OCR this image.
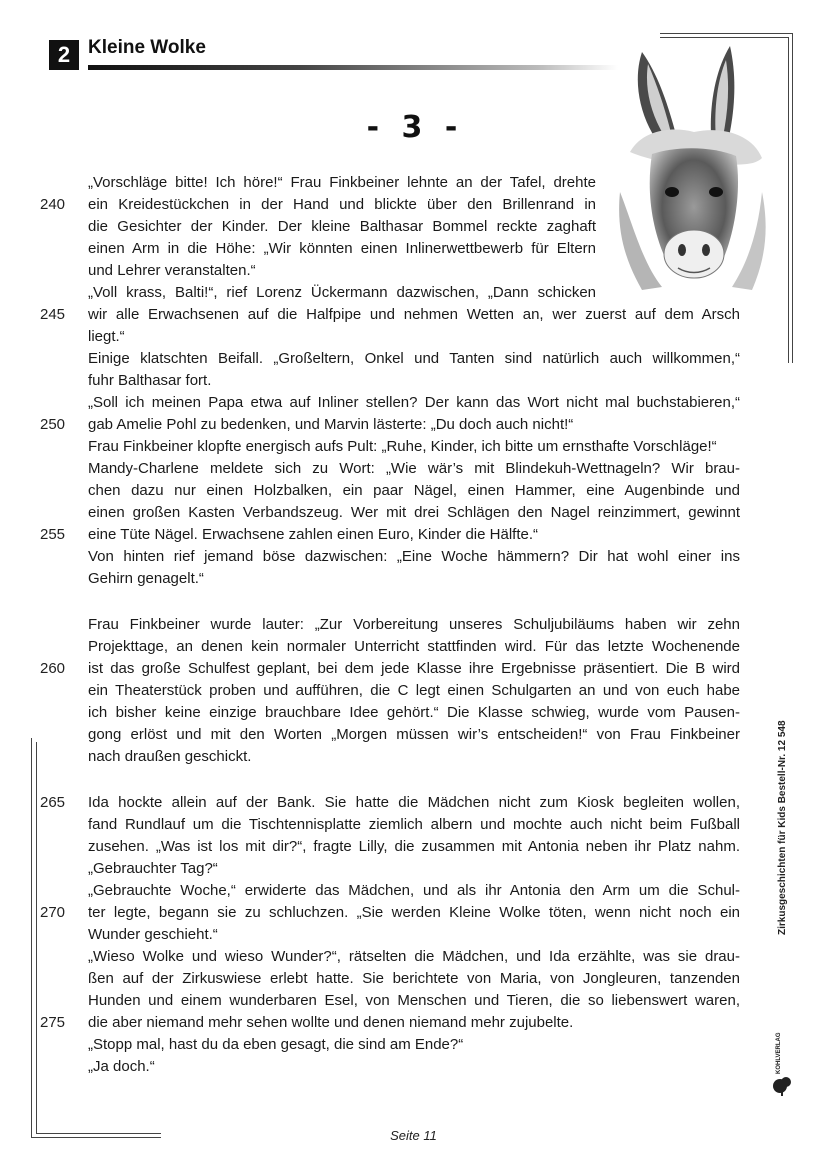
2 Kleine Wolke
- 3 -
„Vorschläge bitte! Ich höre!“ Frau Finkbeiner lehnte an der Tafel, drehte
240	ein Kreidestückchen in der Hand und blickte über den Brillenrand in
die Gesichter der Kinder. Der kleine Balthasar Bommel reckte zaghaft
einen Arm in die Höhe: „Wir könnten einen Inlinerwettbewerb für Eltern
und Lehrer veranstalten.“
„Voll krass, Balti!“, rief Lorenz Ückermann dazwischen, „Dann schicken
245	wir alle Erwachsenen auf die Halfpipe und nehmen Wetten an, wer zuerst auf dem Arsch
liegt.“
Einige klatschten Beifall. „Großeltern, Onkel und Tanten sind natürlich auch willkommen,“
fuhr Balthasar fort.
„Soll ich meinen Papa etwa auf Inliner stellen? Der kann das Wort nicht mal buchstabieren,“
250	gab Amelie Pohl zu bedenken, und Marvin lästerte: „Du doch auch nicht!“
Frau Finkbeiner klopfte energisch aufs Pult: „Ruhe, Kinder, ich bitte um ernsthafte Vorschläge!“
Mandy-Charlene meldete sich zu Wort: „Wie wär’s mit Blindekuh-Wettnageln? Wir brau-
chen dazu nur einen Holzbalken, ein paar Nägel, einen Hammer, eine Augenbinde und
einen großen Kasten Verbandszeug. Wer mit drei Schlägen den Nagel reinzimmert, gewinnt
255	eine Tüte Nägel. Erwachsene zahlen einen Euro, Kinder die Hälfte.“
Von hinten rief jemand böse dazwischen: „Eine Woche hämmern? Dir hat wohl einer ins
Gehirn genagelt.“
Frau Finkbeiner wurde lauter: „Zur Vorbereitung unseres Schuljubiläums haben wir zehn
Projekttage, an denen kein normaler Unterricht stattfinden wird. Für das letzte Wochenende
260	ist das große Schulfest geplant, bei dem jede Klasse ihre Ergebnisse präsentiert. Die B wird
ein Theaterstück proben und aufführen, die C legt einen Schulgarten an und von euch habe
ich bisher keine einzige brauchbare Idee gehört.“ Die Klasse schwieg, wurde vom Pausen-
gong erlöst und mit den Worten „Morgen müssen wir’s entscheiden!“ von Frau Finkbeiner
nach draußen geschickt.
265	Ida hockte allein auf der Bank. Sie hatte die Mädchen nicht zum Kiosk begleiten wollen,
fand Rundlauf um die Tischtennisplatte ziemlich albern und mochte auch nicht beim Fußball
zusehen. „Was ist los mit dir?“, fragte Lilly, die zusammen mit Antonia neben ihr Platz nahm.
„Gebrauchter Tag?“
„Gebrauchte Woche,“ erwiderte das Mädchen, und als ihr Antonia den Arm um die Schul-
270	ter legte, begann sie zu schluchzen. „Sie werden Kleine Wolke töten, wenn nicht noch ein
Wunder geschieht.“
„Wieso Wolke und wieso Wunder?“, rätselten die Mädchen, und Ida erzählte, was sie drau-
ßen auf der Zirkuswiese erlebt hatte. Sie berichtete von Maria, von Jongleuren, tanzenden
Hunden und einem wunderbaren Esel, von Menschen und Tieren, die so liebenswert waren,
275	die aber niemand mehr sehen wollte und denen niemand mehr zujubelte.
„Stopp mal, hast du da eben gesagt, die sind am Ende?“
„Ja doch.“
Zirkusgeschichten für Kids Bestell-Nr. 12 548
KOHLVERLAG
Seite 11
